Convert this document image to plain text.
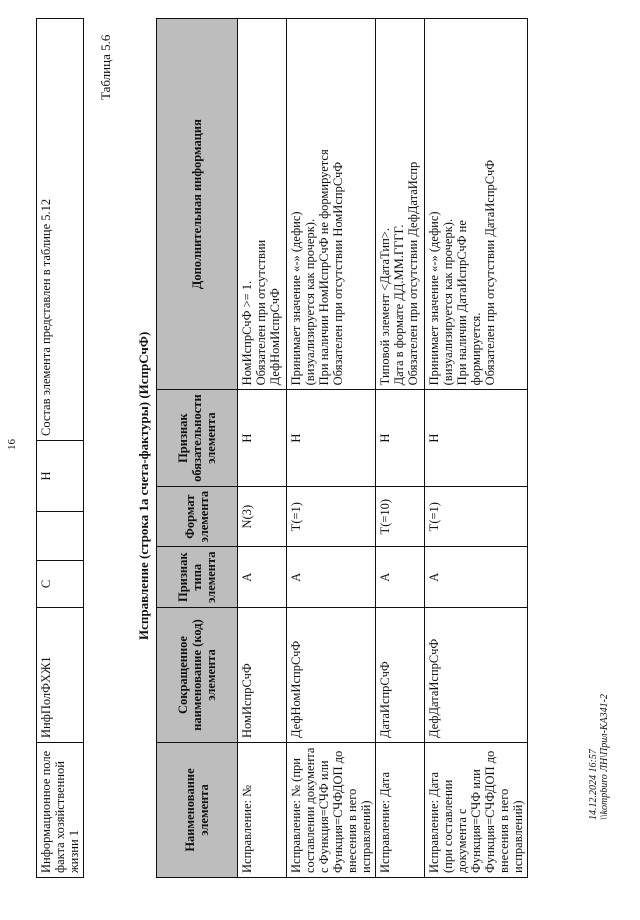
16
Информационное поле факта хозяйственной жизни 1	ИнфПолФХЖ1	С		Н	Состав элемента представлен в таблице 5.12
Таблица 5.6
Исправление (строка 1а счета-фактуры) (ИспрСчФ)
Наименование элемента	Сокращенное наименование (код) элемента	Признак типа элемента	Формат элемента	Признак обязательности элемента	Дополнительная информация
Исправление: №	НомИспрСчФ	А	N(3)	Н	НомИспрСчФ >= 1. Обязателен при отсутствии ДефНомИспрСчФ

Исправление: № (при составлении документа с Функция=СЧФ или Функция=СЧФДОП до внесения в него исправлений)	ДефНомИспрСчФ	А	Т(=1)	Н	Принимает значение «-» (дефис) (визуализируется как прочерк). При наличии НомИспрСчФ не формируется Обязателен при отсутствии НомИспрСчФ

Исправление: Дата	ДатаИспрСчФ	А	Т(=10)	Н	Типовой элемент <ДатаТип>. Дата в формате ДД.ММ.ГГГГ. Обязателен при отсутствии ДефДатаИспр

Исправление: Дата (при составлении документа с Функция=СЧФ или Функция=СЧФДОП до внесения в него исправлений)	ДефДатаИспрСчФ	А	Т(=1)	Н	Принимает значение «-» (дефис) (визуализируется как прочерк). При наличии ДатаИспрСчФ не формируется. Обязателен при отсутствии ДатаИспрСчФ
14.12.2024 16:57 \\kompburo ЛН\Прил-КА341-2
